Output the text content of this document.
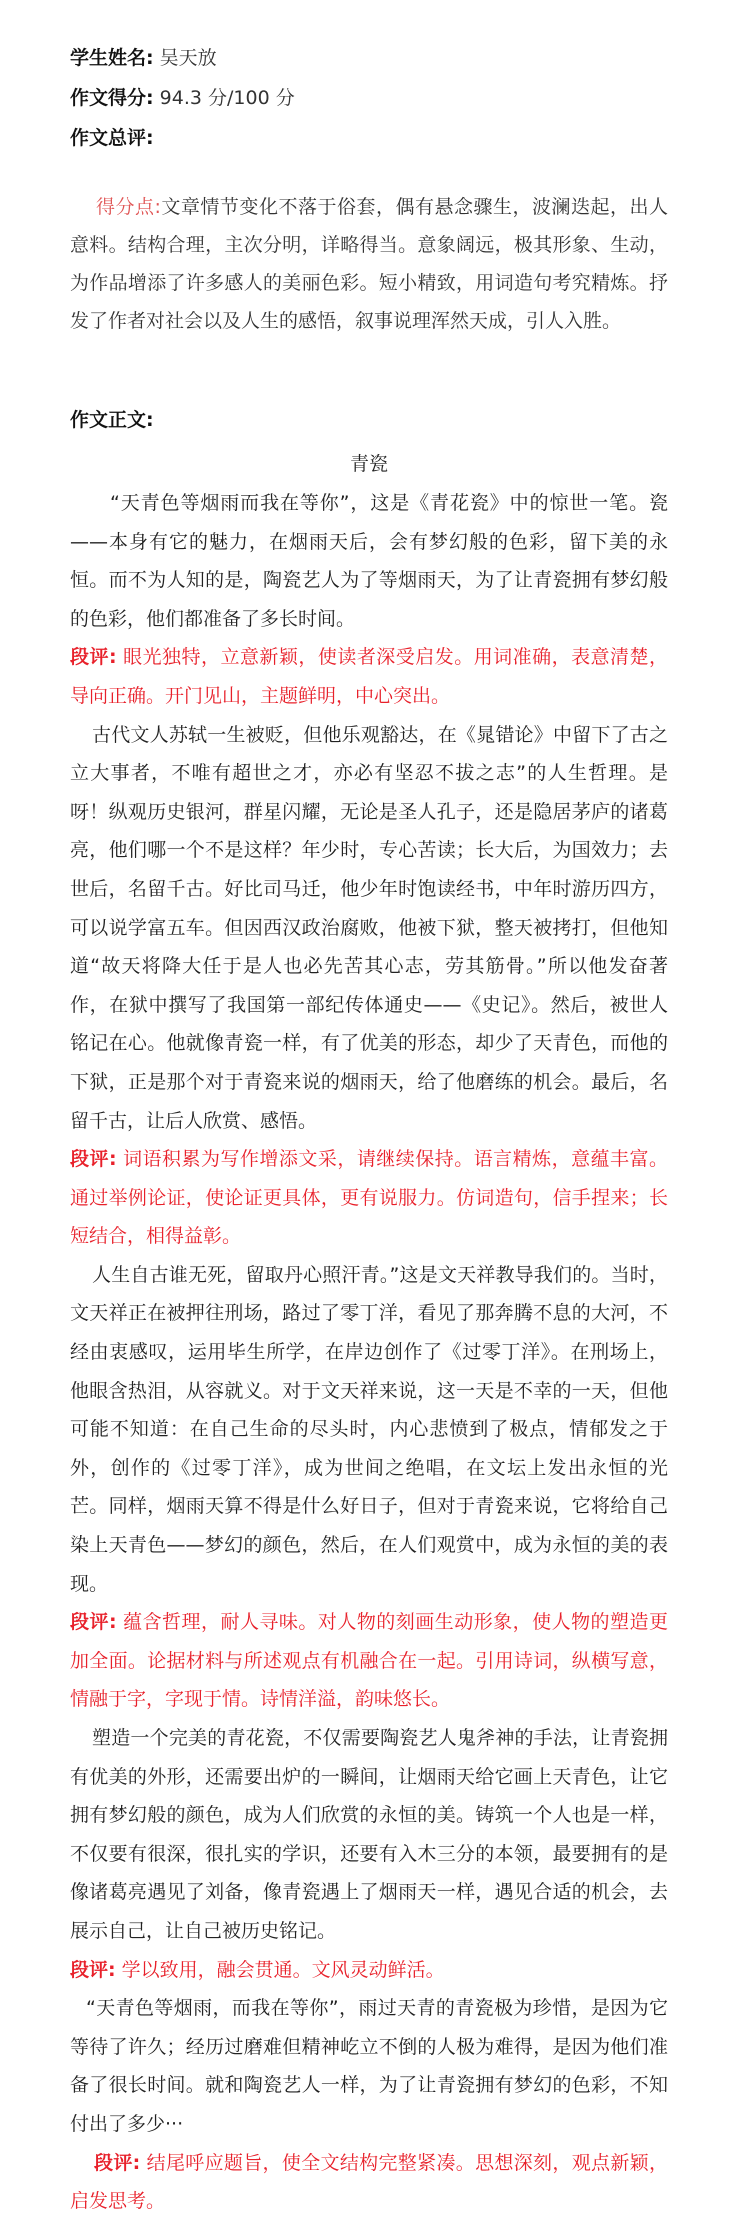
学生姓名: 吴天放

作文得分: 94.3 分/100 分

作文总评:

得分点:文章情节变化不落于俗套，偶有悬念骤生，波澜迭起，出人意料。结构合理，主次分明，详略得当。意象阔远，极其形象、生动，为作品增添了许多感人的美丽色彩。短小精致，用词造句考究精炼。抒发了作者对社会以及人生的感悟，叙事说理浑然天成，引人入胜。
作文正文:
青瓷

“天青色等烟雨而我在等你”，这是《青花瓷》中的惊世一笔。瓷——本身有它的魅力，在烟雨天后，会有梦幻般的色彩，留下美的永恒。而不为人知的是，陶瓷艺人为了等烟雨天，为了让青瓷拥有梦幻般的色彩，他们都准备了多长时间。

段评: 眼光独特，立意新颖，使读者深受启发。用词准确，表意清楚，导向正确。开门见山，主题鲜明，中心突出。

古代文人苏轼一生被贬，但他乐观豁达，在《晁错论》中留下了古之立大事者，不唯有超世之才，亦必有坚忍不拔之志”的人生哲理。是呀！纵观历史银河，群星闪耀，无论是圣人孔子，还是隐居茅庐的诸葛亮，他们哪一个不是这样？年少时，专心苦读；长大后，为国效力；去世后，名留千古。好比司马迁，他少年时饱读经书，中年时游历四方，可以说学富五车。但因西汉政治腐败，他被下狱，整天被拷打，但他知道“故天将降大任于是人也必先苦其心志，劳其筋骨。”所以他发奋著作，在狱中撰写了我国第一部纪传体通史——《史记》。然后，被世人铭记在心。他就像青瓷一样，有了优美的形态，却少了天青色，而他的下狱，正是那个对于青瓷来说的烟雨天，给了他磨练的机会。最后，名留千古，让后人欣赏、感悟。

段评: 词语积累为写作增添文采，请继续保持。语言精炼，意蕴丰富。通过举例论证，使论证更具体，更有说服力。仿词造句，信手捏来；长短结合，相得益彰。

人生自古谁无死，留取丹心照汗青。”这是文天祥教导我们的。当时，文天祥正在被押往刑场，路过了零丁洋，看见了那奔腾不息的大河，不经由衷感叹，运用毕生所学，在岸边创作了《过零丁洋》。在刑场上，他眼含热泪，从容就义。对于文天祥来说，这一天是不幸的一天，但他可能不知道：在自己生命的尽头时，内心悲愤到了极点，情郁发之于外，创作的《过零丁洋》，成为世间之绝唱，在文坛上发出永恒的光芒。同样，烟雨天算不得是什么好日子，但对于青瓷来说，它将给自己染上天青色——梦幻的颜色，然后，在人们观赏中，成为永恒的美的表现。

段评: 蕴含哲理，耐人寻味。对人物的刻画生动形象，使人物的塑造更加全面。论据材料与所述观点有机融合在一起。引用诗词，纵横写意，情融于字，字现于情。诗情洋溢，韵味悠长。

塑造一个完美的青花瓷，不仅需要陶瓷艺人鬼斧神的手法，让青瓷拥有优美的外形，还需要出炉的一瞬间，让烟雨天给它画上天青色，让它拥有梦幻般的颜色，成为人们欣赏的永恒的美。铸筑一个人也是一样，不仅要有很深，很扎实的学识，还要有入木三分的本领，最要拥有的是像诸葛亮遇见了刘备，像青瓷遇上了烟雨天一样，遇见合适的机会，去展示自己，让自己被历史铭记。

段评: 学以致用，融会贯通。文风灵动鲜活。

“天青色等烟雨，而我在等你”，雨过天青的青瓷极为珍惜，是因为它等待了许久；经历过磨难但精神屹立不倒的人极为难得，是因为他们准备了很长时间。就和陶瓷艺人一样，为了让青瓷拥有梦幻的色彩，不知付出了多少···

段评: 结尾呼应题旨，使全文结构完整紧凑。思想深刻，观点新颖，启发思考。
